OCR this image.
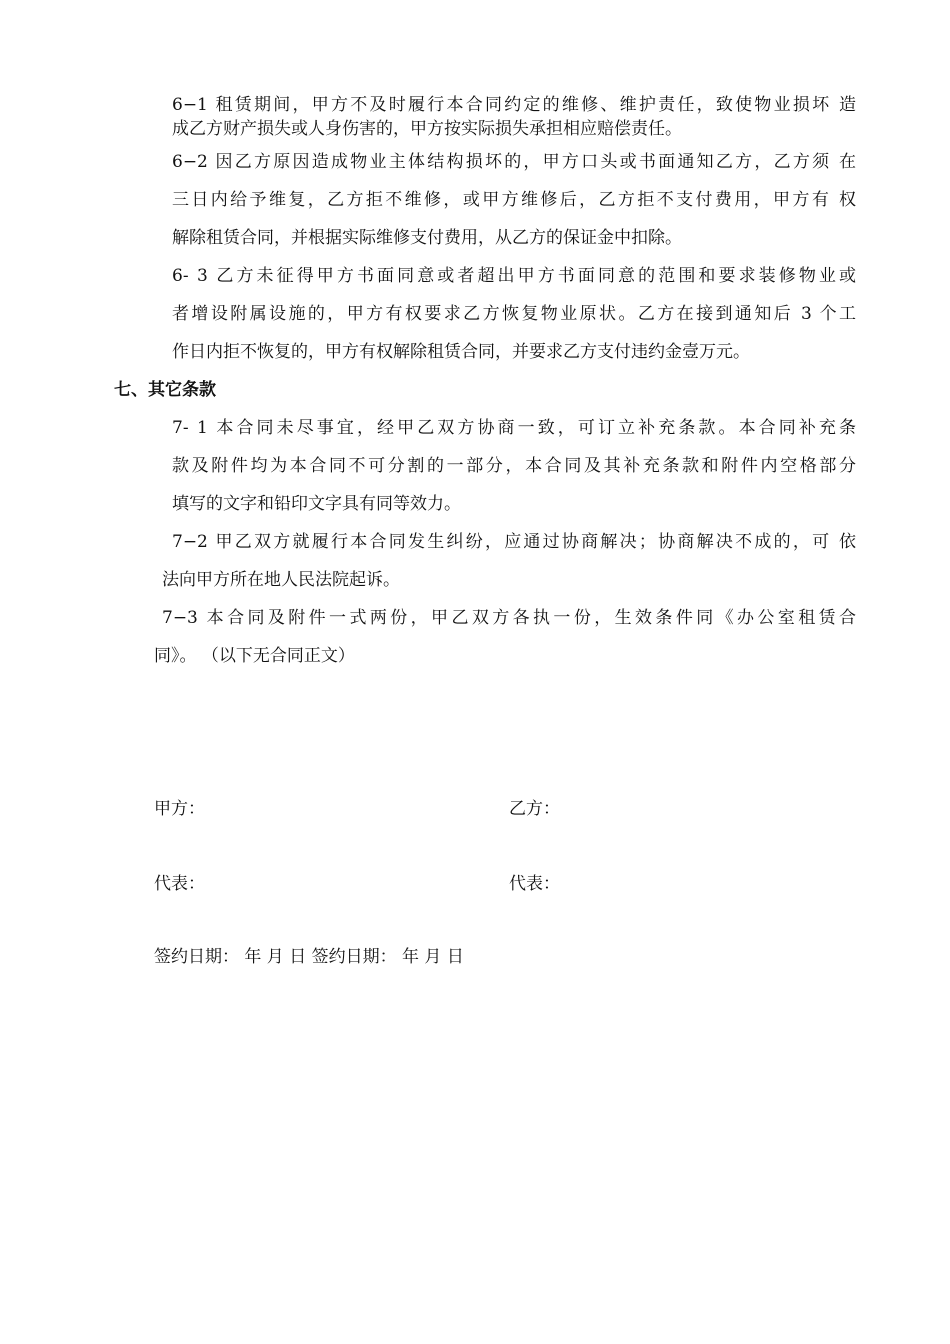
6−1 租赁期间，甲方不及时履行本合同约定的维修、维护责任，致使物业损坏 造
成乙方财产损失或人身伤害的，甲方按实际损失承担相应赔偿责任。
6−2 因乙方原因造成物业主体结构损坏的，甲方口头或书面通知乙方，乙方须 在
三日内给予维复，乙方拒不维修，或甲方维修后，乙方拒不支付费用，甲方有 权
解除租赁合同，并根据实际维修支付费用，从乙方的保证金中扣除。
6- 3 乙方未征得甲方书面同意或者超出甲方书面同意的范围和要求装修物业或
者增设附属设施的，甲方有权要求乙方恢复物业原状。乙方在接到通知后 3 个工
作日内拒不恢复的，甲方有权解除租赁合同，并要求乙方支付违约金壹万元。
七、其它条款
7- 1 本合同未尽事宜，经甲乙双方协商一致，可订立补充条款。本合同补充条
款及附件均为本合同不可分割的一部分，本合同及其补充条款和附件内空格部分
填写的文字和铅印文字具有同等效力。
7−2 甲乙双方就履行本合同发生纠纷，应通过协商解决；协商解决不成的，可 依
法向甲方所在地人民法院起诉。
7−3 本合同及附件一式两份，甲乙双方各执一份，生效条件同《办公室租赁合
同》。 （以下无合同正文）
甲方：	乙方：
代表：	代表：
签约日期： 年 月 日 签约日期： 年 月 日
